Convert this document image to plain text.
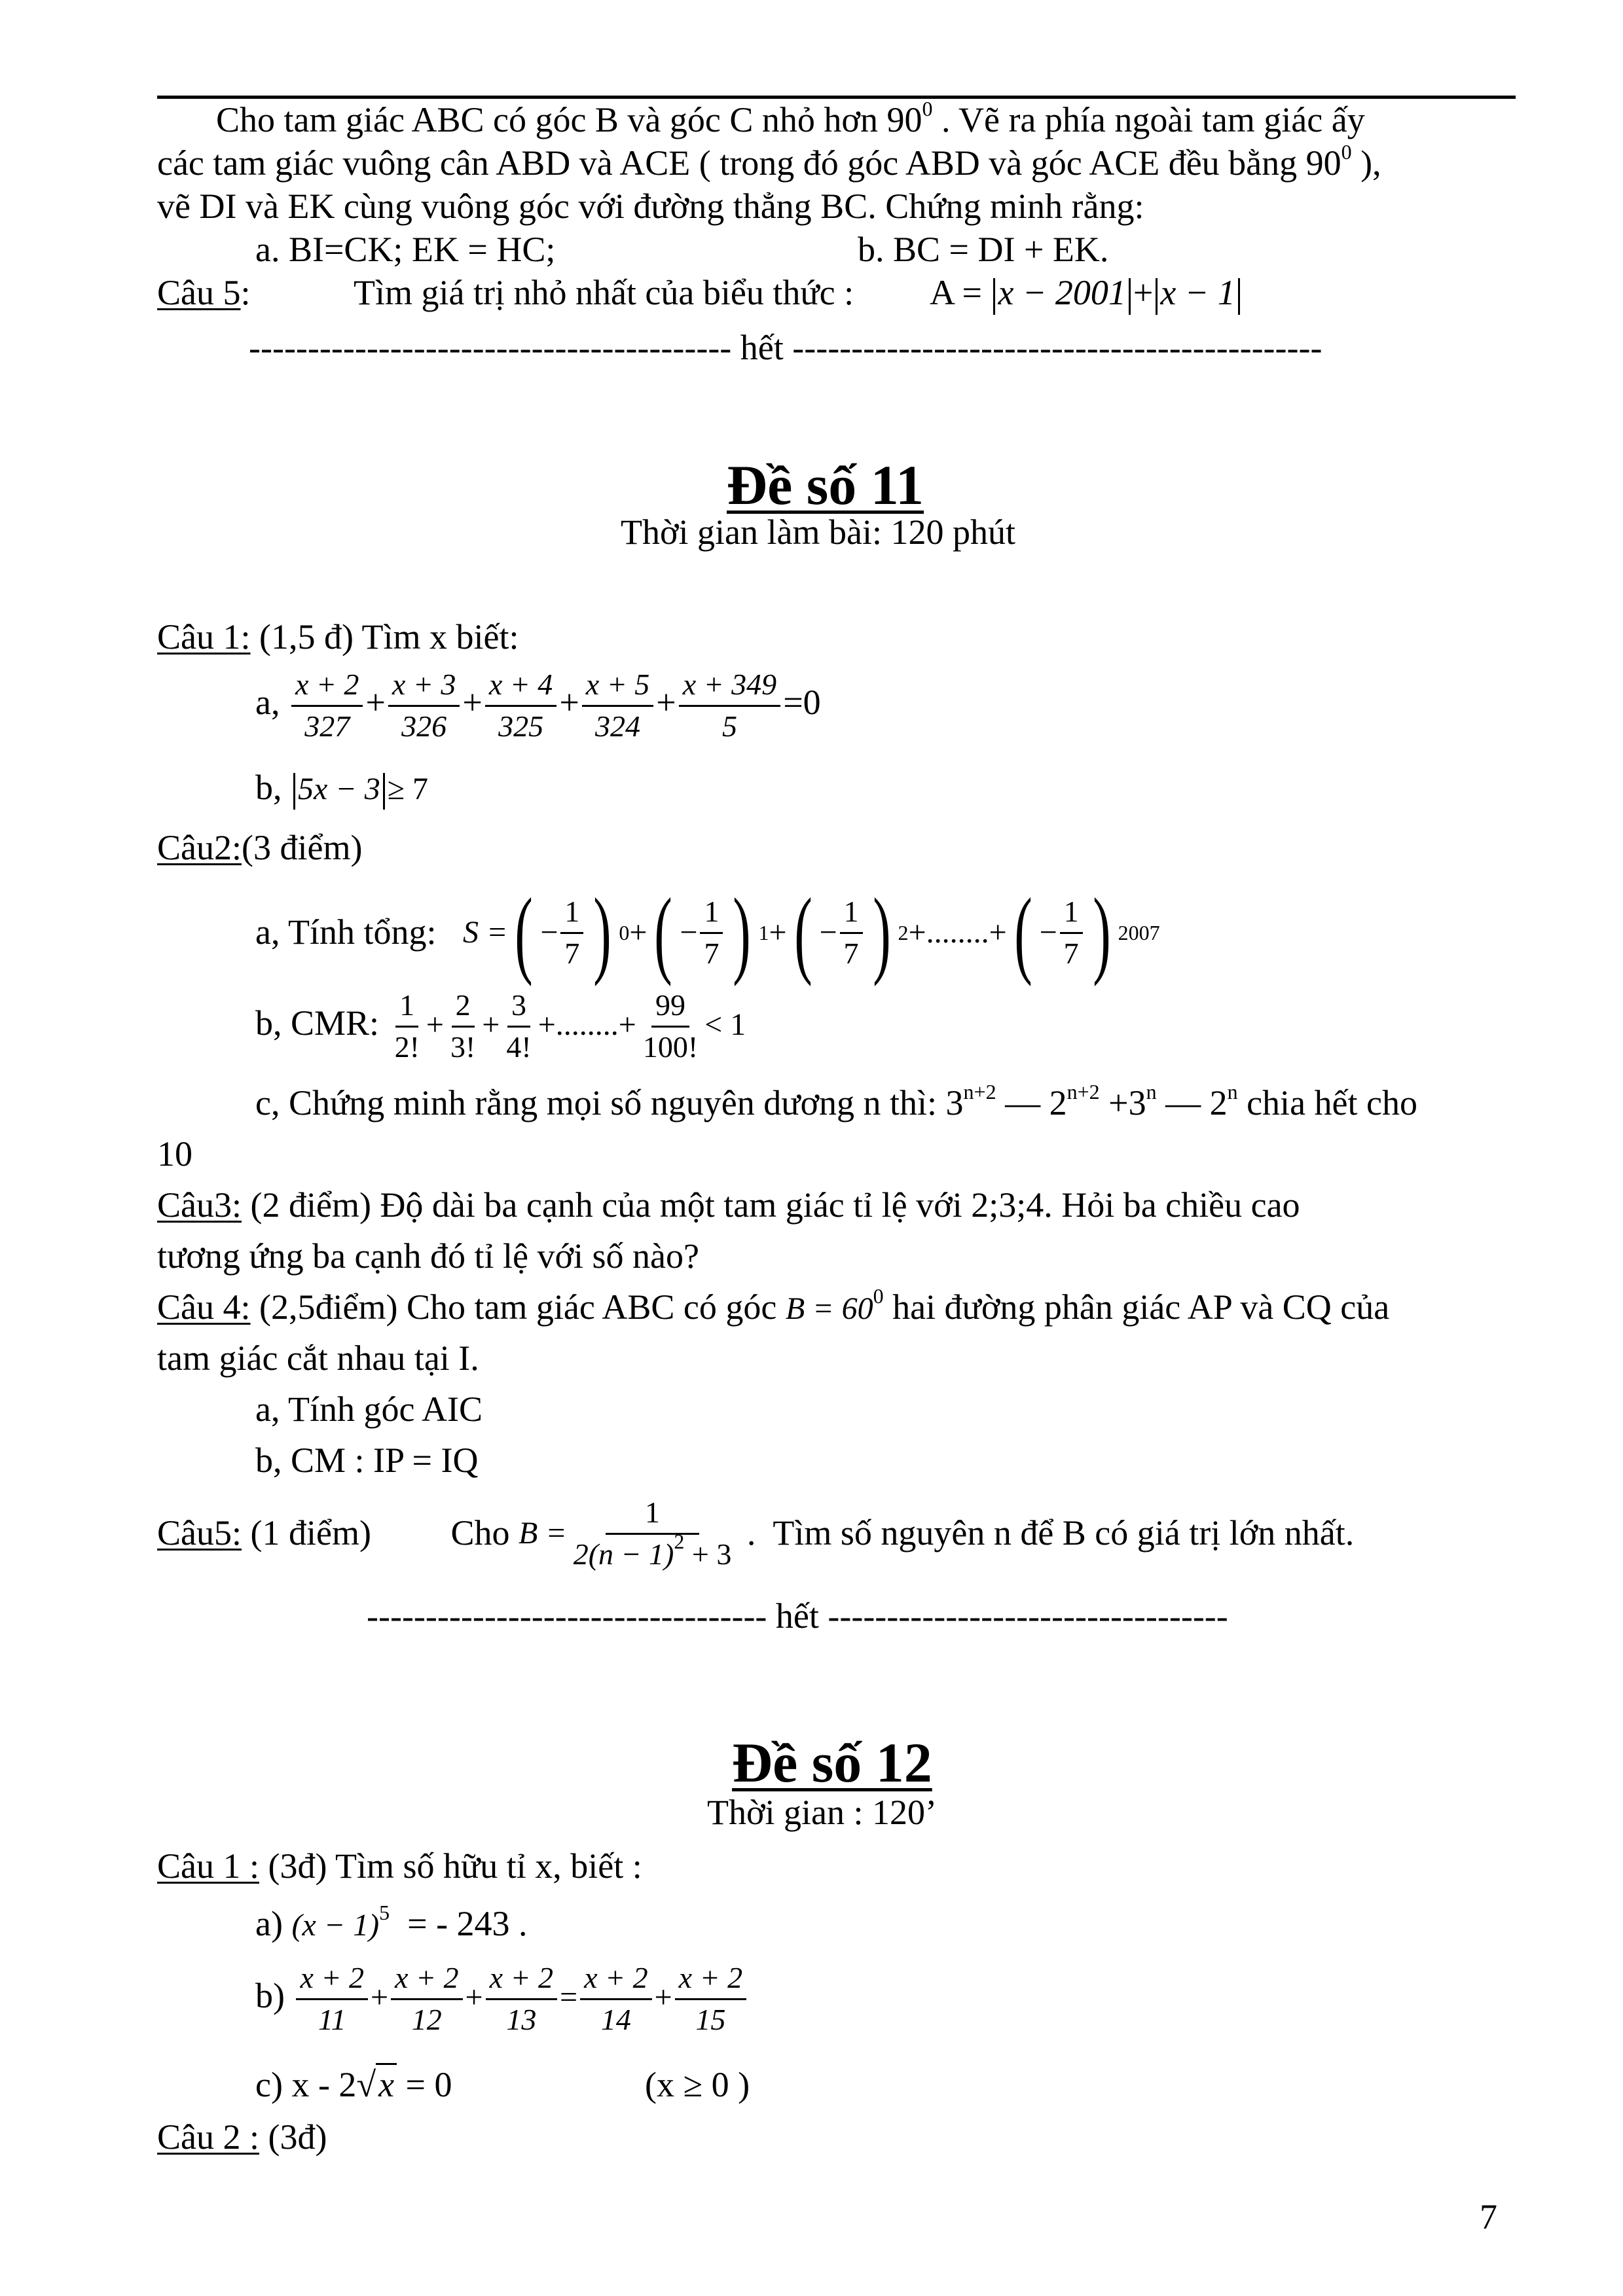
Cho tam giác ABC có góc B và góc C nhỏ hơn $90^0$ . Vẽ ra phía ngoài tam giác ấy
các tam giác vuông cân ABD và ACE ( trong đó góc ABD và góc ACE đều bằng $90^0$ ),
vẽ DI và EK cùng vuông góc với đường thẳng BC. Chứng minh rằng:
a. BI=CK; EK = HC;	b. BC = DI + EK.
Câu 5:	Tìm giá trị nhỏ nhất của biểu thức : A = x − 2001 + x − 1
----------------------------------------- hết ---------------------------------------------
Đề số 11
Thời gian làm bài: 120 phút
Câu 1: (1,5 đ) Tìm x biết:
a, $\frac{x + 2}{327} + \frac{x + 3}{326} + \frac{x + 4}{325} + \frac{x + 5}{324} + \frac{x + 349}{5} =0$
b, 5x − 3 ≥ 7
Câu2:(3 điểm)
a, Tính tổng:
S = ( − $\frac{1}{7}$ ) 0 + ( − $\frac{1}{7}$ ) 1 + ( − $\frac{1}{7}$ ) 2 +........+ ( − $\frac{1}{7}$ ) 2007
b, CMR: $\frac{1}{2!} + \frac{2}{3!} + \frac{3}{4!}$ +........+ $\frac{99}{100!} < 1$
c, Chứng minh rằng mọi số nguyên dương n thì: $3^{n+2}$ — $2^{n+2} +3^n$ — 2$^n$ chia hết cho
10
Câu3: (2 điểm) Độ dài ba cạnh của một tam giác tỉ lệ với 2;3;4. Hỏi ba chiều cao
tương ứng ba cạnh đó tỉ lệ với số nào?
Câu 4: (2,5điểm) Cho tam giác ABC có góc $B = 60^0$ hai đường phân giác AP và CQ của
tam giác cắt nhau tại I.
a, Tính góc AIC
b, CM : IP = IQ
Câu5: (1 điểm)         Cho $B = \frac{1}{2(n - 1)^2 + 3}$ .  Tìm số nguyên n để B có giá trị lớn nhất.
---------------------------------- hết ----------------------------------
Đề số 12
Thời gian : 120’
Câu 1 : (3đ) Tìm số hữu tỉ x, biết :
a) $(x - 1)^5$  = - 243 .
$b) \frac{x + 2}{11} + \frac{x + 2}{12} + \frac{x + 2}{13} = \frac{x + 2}{14} + \frac{x + 2}{15}$
c) x - 2√x = 0	(x ≥ 0 )
Câu 2 : (3đ)
7
